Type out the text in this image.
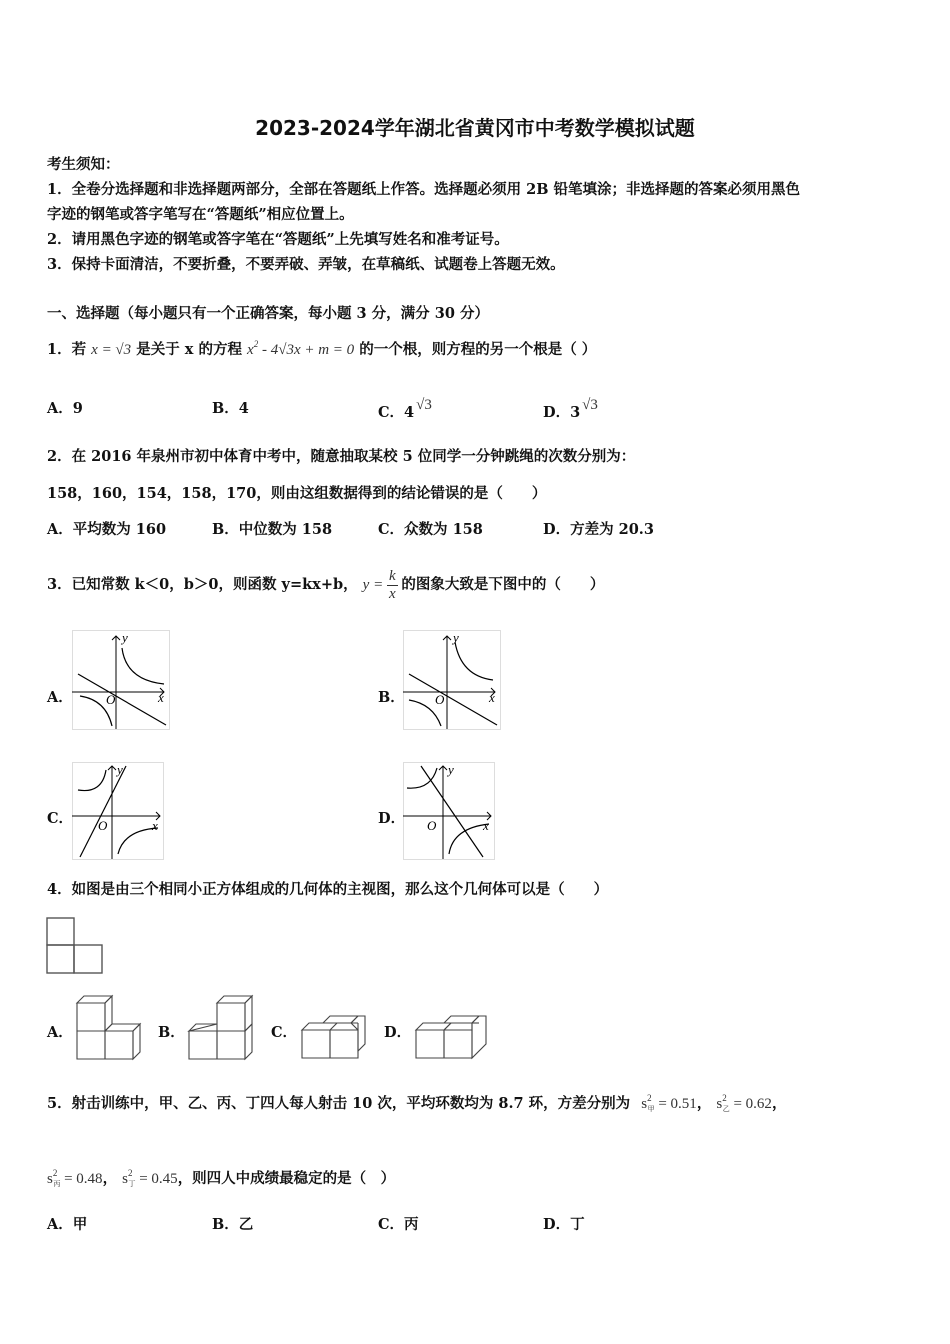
2023-2024学年湖北省黄冈市中考数学模拟试题
考生须知：
1．全卷分选择题和非选择题两部分，全部在答题纸上作答。选择题必须用 2B 铅笔填涂；非选择题的答案必须用黑色
字迹的钢笔或答字笔写在“答题纸”相应位置上。
2．请用黑色字迹的钢笔或答字笔在“答题纸”上先填写姓名和准考证号。
3．保持卡面清洁，不要折叠，不要弄破、弄皱，在草稿纸、试题卷上答题无效。
一、选择题（每小题只有一个正确答案，每小题 3 分，满分 30 分）
1．若 x = √3 是关于 x 的方程 $x^2 - 4√3x + m = 0$ 的一个根，则方程的另一个根是（ ）
A．9	B．4	C．4 √3	D．3 √3
2．在 2016 年泉州市初中体育中考中，随意抽取某校 5 位同学一分钟跳绳的次数分别为：
158，160，154，158，170，则由这组数据得到的结论错误的是（　　）
A．平均数为 160	B．中位数为 158	C．众数为 158	D．方差为 20.3
3．已知常数 k＜0，b＞0，则函数 y=kx+b， $y = \frac{k}{x}$ 的图象大致是下图中的（　　）
A．	O	x
y
B． O	x
y
C． O	x
y
D． O	x
y
4．如图是由三个相同小正方体组成的几何体的主视图，那么这个几何体可以是（　　）
A．	B．	C．	D．
5．射击训练中，甲、乙、丙、丁四人每人射击 10 次，平均环数均为 8.7 环，方差分别为 $s^2_甲 = 0.51$， $s^2_乙 = 0.62$，
$s^2_丙 = 0.48$， $s^2_丁 = 0.45$，则四人中成绩最稳定的是（　）
A．甲	B．乙	C．丙	D．丁
